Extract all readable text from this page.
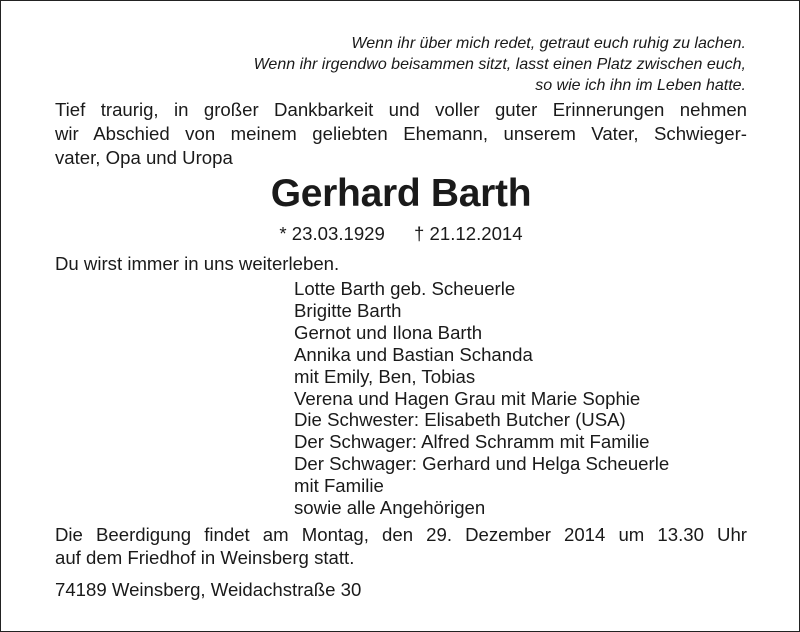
Wenn ihr über mich redet, getraut euch ruhig zu lachen.
Wenn ihr irgendwo beisammen sitzt, lasst einen Platz zwischen euch,
so wie ich ihn im Leben hatte.
Tief traurig, in großer Dankbarkeit und voller guter Erinnerungen nehmen
wir Abschied von meinem geliebten Ehemann, unserem Vater, Schwieger-
vater, Opa und Uropa
Gerhard Barth
* 23.03.1929 † 21.12.2014
Du wirst immer in uns weiterleben.
Lotte Barth geb. Scheuerle
Brigitte Barth
Gernot und Ilona Barth
Annika und Bastian Schanda
mit Emily, Ben, Tobias
Verena und Hagen Grau mit Marie Sophie
Die Schwester: Elisabeth Butcher (USA)
Der Schwager: Alfred Schramm mit Familie
Der Schwager: Gerhard und Helga Scheuerle
mit Familie
sowie alle Angehörigen
Die Beerdigung findet am Montag, den 29. Dezember 2014 um 13.30 Uhr
auf dem Friedhof in Weinsberg statt.
74189 Weinsberg, Weidachstraße 30
